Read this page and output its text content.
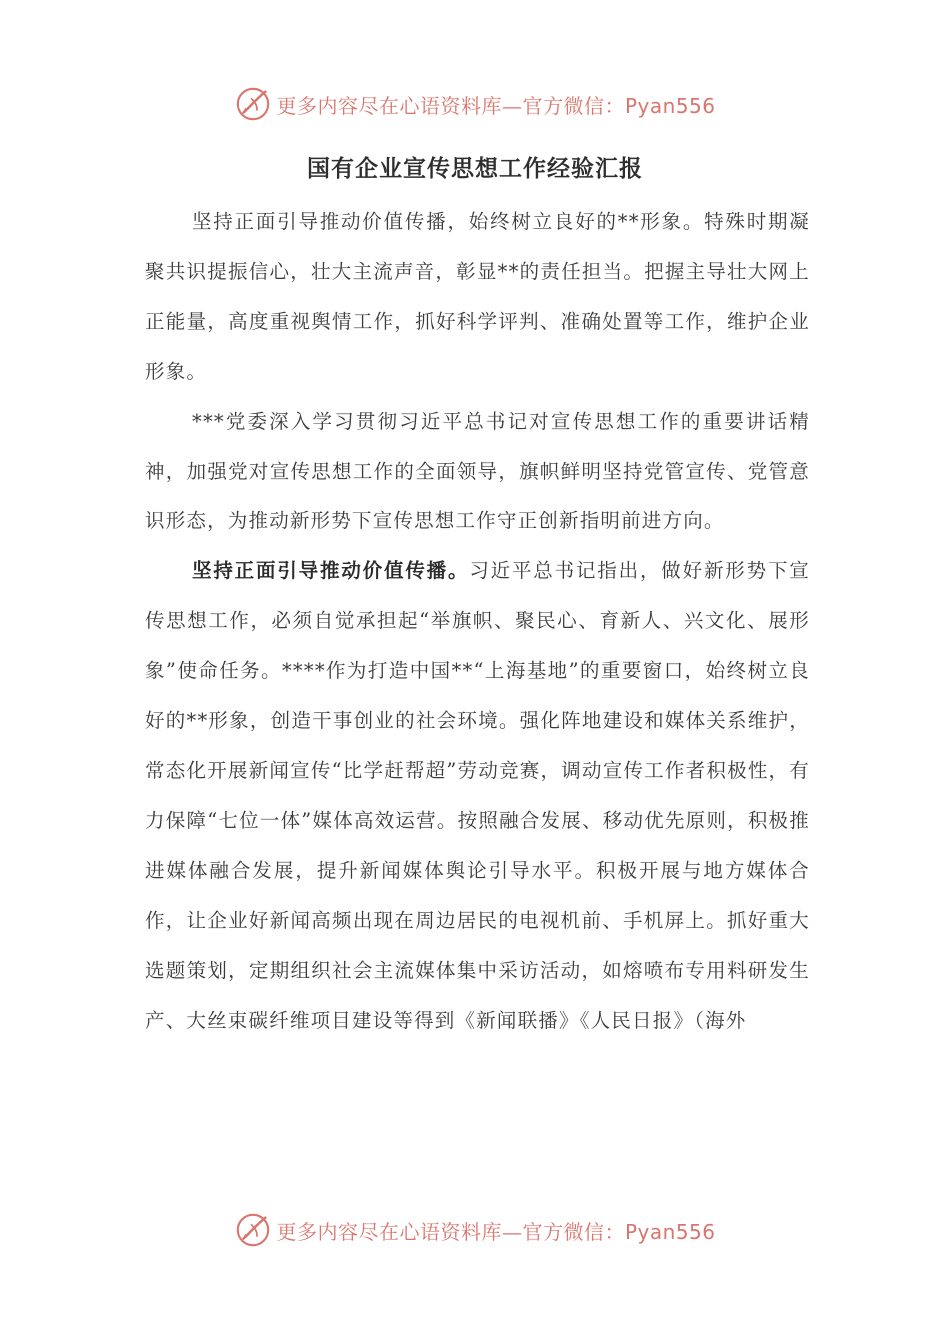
更多内容尽在心语资料库—官方微信：Pyan556
国有企业宣传思想工作经验汇报

坚持正面引导推动价值传播，始终树立良好的**形象。特殊时期凝聚共识提振信心，壮大主流声音，彰显**的责任担当。把握主导壮大网上正能量，高度重视舆情工作，抓好科学评判、准确处置等工作，维护企业形象。

***党委深入学习贯彻习近平总书记对宣传思想工作的重要讲话精神，加强党对宣传思想工作的全面领导，旗帜鲜明坚持党管宣传、党管意识形态，为推动新形势下宣传思想工作守正创新指明前进方向。

坚持正面引导推动价值传播。习近平总书记指出，做好新形势下宣传思想工作，必须自觉承担起“举旗帜、聚民心、育新人、兴文化、展形象”使命任务。****作为打造中国**“上海基地”的重要窗口，始终树立良好的**形象，创造干事创业的社会环境。强化阵地建设和媒体关系维护，常态化开展新闻宣传“比学赶帮超”劳动竞赛，调动宣传工作者积极性，有力保障“七位一体”媒体高效运营。按照融合发展、移动优先原则，积极推进媒体融合发展，提升新闻媒体舆论引导水平。积极开展与地方媒体合作，让企业好新闻高频出现在周边居民的电视机前、手机屏上。抓好重大选题策划，定期组织社会主流媒体集中采访活动，如熔喷布专用料研发生产、大丝束碳纤维项目建设等得到《新闻联播》《人民日报》（海外

更多内容尽在心语资料库—官方微信：Pyan556
